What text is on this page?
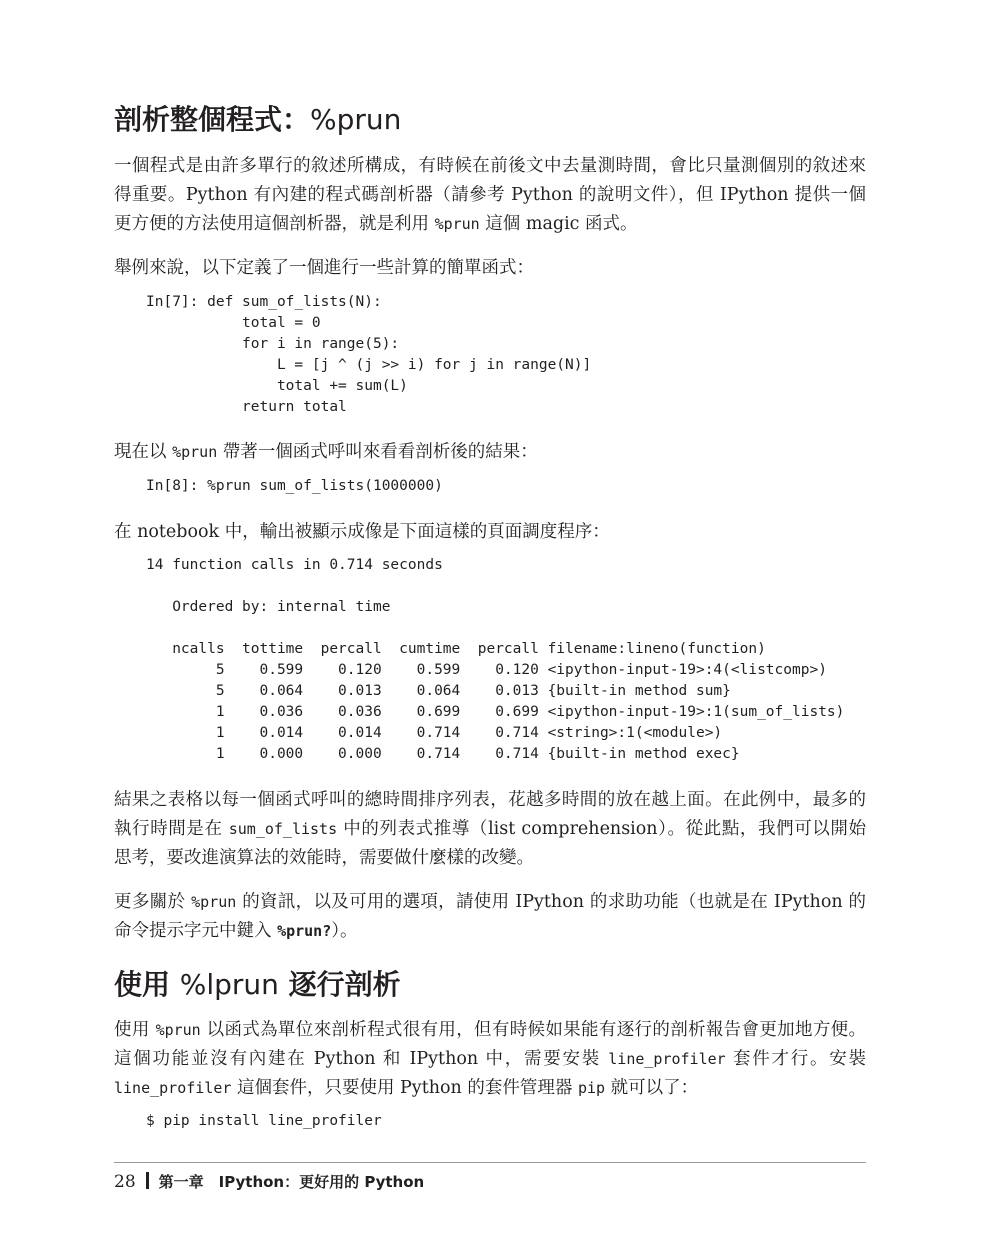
剖析整個程式：%prun

一個程式是由許多單行的敘述所構成，有時候在前後文中去量測時間，會比只量測個別的敘述來得重要。Python 有內建的程式碼剖析器（請參考 Python 的說明文件），但 IPython 提供一個更方便的方法使用這個剖析器，就是利用 %prun 這個 magic 函式。

舉例來說，以下定義了一個進行一些計算的簡單函式：

In[7]: def sum_of_lists(N):
total = 0
for i in range(5):
L = [j ^ (j >> i) for j in range(N)]
total += sum(L)
return total

現在以 %prun 帶著一個函式呼叫來看看剖析後的結果：

In[8]: %prun sum_of_lists(1000000)

在 notebook 中，輸出被顯示成像是下面這樣的頁面調度程序：

14 function calls in 0.714 seconds

Ordered by: internal time

ncalls  tottime  percall  cumtime  percall filename:lineno(function)
5    0.599    0.120    0.599    0.120 <ipython-input-19>:4(<listcomp>)
5    0.064    0.013    0.064    0.013 {built-in method sum}
1    0.036    0.036    0.699    0.699 <ipython-input-19>:1(sum_of_lists)
1    0.014    0.014    0.714    0.714 <string>:1(<module>)
1    0.000    0.000    0.714    0.714 {built-in method exec}

結果之表格以每一個函式呼叫的總時間排序列表，花越多時間的放在越上面。在此例中，最多的執行時間是在 sum_of_lists 中的列表式推導（list comprehension）。從此點，我們可以開始思考，要改進演算法的效能時，需要做什麼樣的改變。

更多關於 %prun 的資訊，以及可用的選項，請使用 IPython 的求助功能（也就是在 IPython 的命令提示字元中鍵入 %prun?）。

使用 %lprun 逐行剖析

使用 %prun 以函式為單位來剖析程式很有用，但有時候如果能有逐行的剖析報告會更加地方便。這個功能並沒有內建在 Python 和 IPython 中，需要安裝 line_profiler 套件才行。安裝 line_profiler 這個套件，只要使用 Python 的套件管理器 pip 就可以了：

$ pip install line_profiler
28 第一章　IPython：更好用的 Python
